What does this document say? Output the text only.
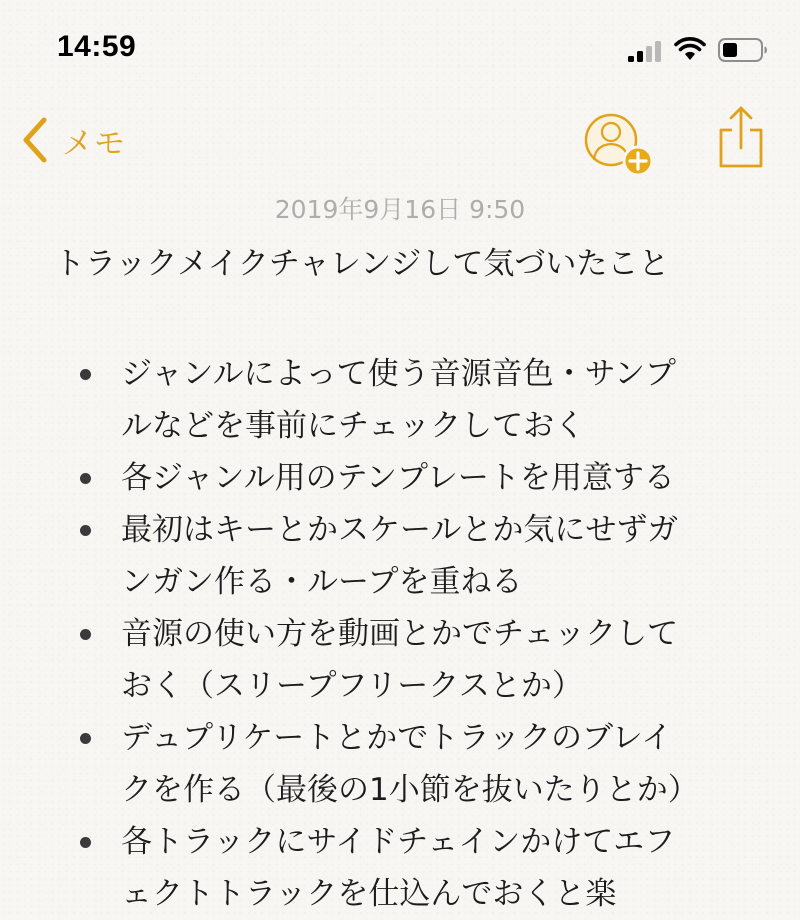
14:59
メモ
2019年9月16日 9:50

トラックメイクチャレンジして気づいたこと

ジャンルによって使う音源音色・サンプ
ルなどを事前にチェックしておく
各ジャンル用のテンプレートを用意する
最初はキーとかスケールとか気にせずガ
ンガン作る・ループを重ねる
音源の使い方を動画とかでチェックして
おく（スリープフリークスとか）
デュプリケートとかでトラックのブレイ
クを作る（最後の1小節を抜いたりとか）
各トラックにサイドチェインかけてエフ
ェクトトラックを仕込んでおくと楽
